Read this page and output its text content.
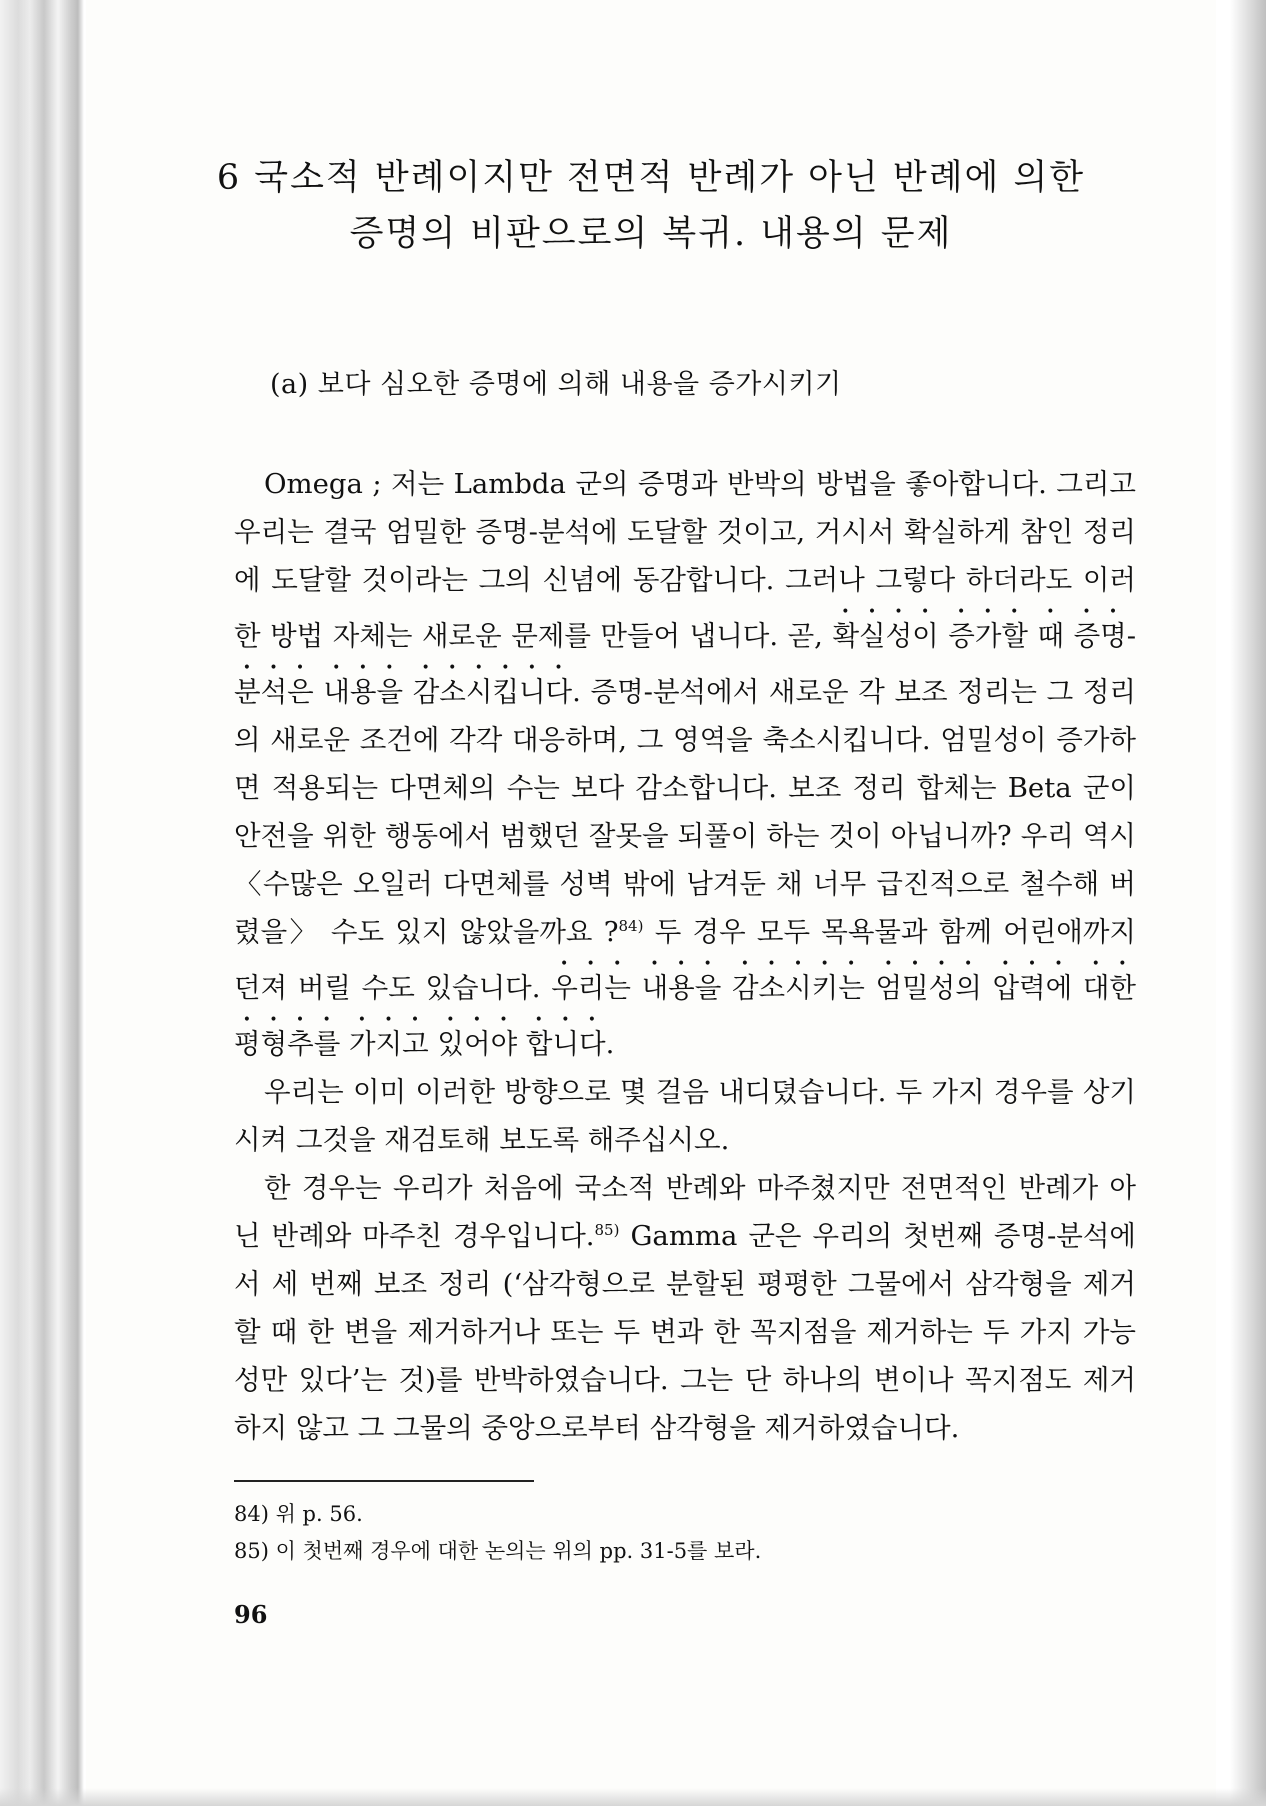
6 국소적 반례이지만 전면적 반례가 아닌 반례에 의한
증명의 비판으로의 복귀. 내용의 문제
(a) 보다 심오한 증명에 의해 내용을 증가시키기

Omega ; 저는 Lambda 군의 증명과 반박의 방법을 좋아합니다. 그리고 우리는 결국 엄밀한 증명-분석에 도달할 것이고, 거시서 확실하게 참인 정리에 도달할 것이라는 그의 신념에 동감합니다. 그러나 그렇다 하더라도 이러한 방법 자체는 새로운 문제를 만들어 냅니다. 곧, 확실성이 증가할 때 증명-분석은 내용을 감소시킵니다. 증명-분석에서 새로운 각 보조 정리는 그 정리의 새로운 조건에 각각 대응하며, 그 영역을 축소시킵니다. 엄밀성이 증가하면 적용되는 다면체의 수는 보다 감소합니다. 보조 정리 합체는 Beta 군이 안전을 위한 행동에서 범했던 잘못을 되풀이 하는 것이 아닙니까? 우리 역시 〈수많은 오일러 다면체를 성벽 밖에 남겨둔 채 너무 급진적으로 철수해 버렸을〉 수도 있지 않았을까요 ?$^{84)}$ 두 경우 모두 목욕물과 함께 어린애까지 던져 버릴 수도 있습니다. 우리는 내용을 감소시키는 엄밀성의 압력에 대한 평형추를 가지고 있어야 합니다.

우리는 이미 이러한 방향으로 몇 걸음 내디뎠습니다. 두 가지 경우를 상기시켜 그것을 재검토해 보도록 해주십시오.

한 경우는 우리가 처음에 국소적 반례와 마주쳤지만 전면적인 반례가 아닌 반례와 마주친 경우입니다.$^{85)}$ Gamma 군은 우리의 첫번째 증명-분석에서 세 번째 보조 정리 (‘삼각형으로 분할된 평평한 그물에서 삼각형을 제거할 때 한 변을 제거하거나 또는 두 변과 한 꼭지점을 제거하는 두 가지 가능성만 있다’는 것)를 반박하였습니다. 그는 단 하나의 변이나 꼭지점도 제거하지 않고 그 그물의 중앙으로부터 삼각형을 제거하였습니다.

84) 위 p. 56.
85) 이 첫번째 경우에 대한 논의는 위의 pp. 31-5를 보라.
96
